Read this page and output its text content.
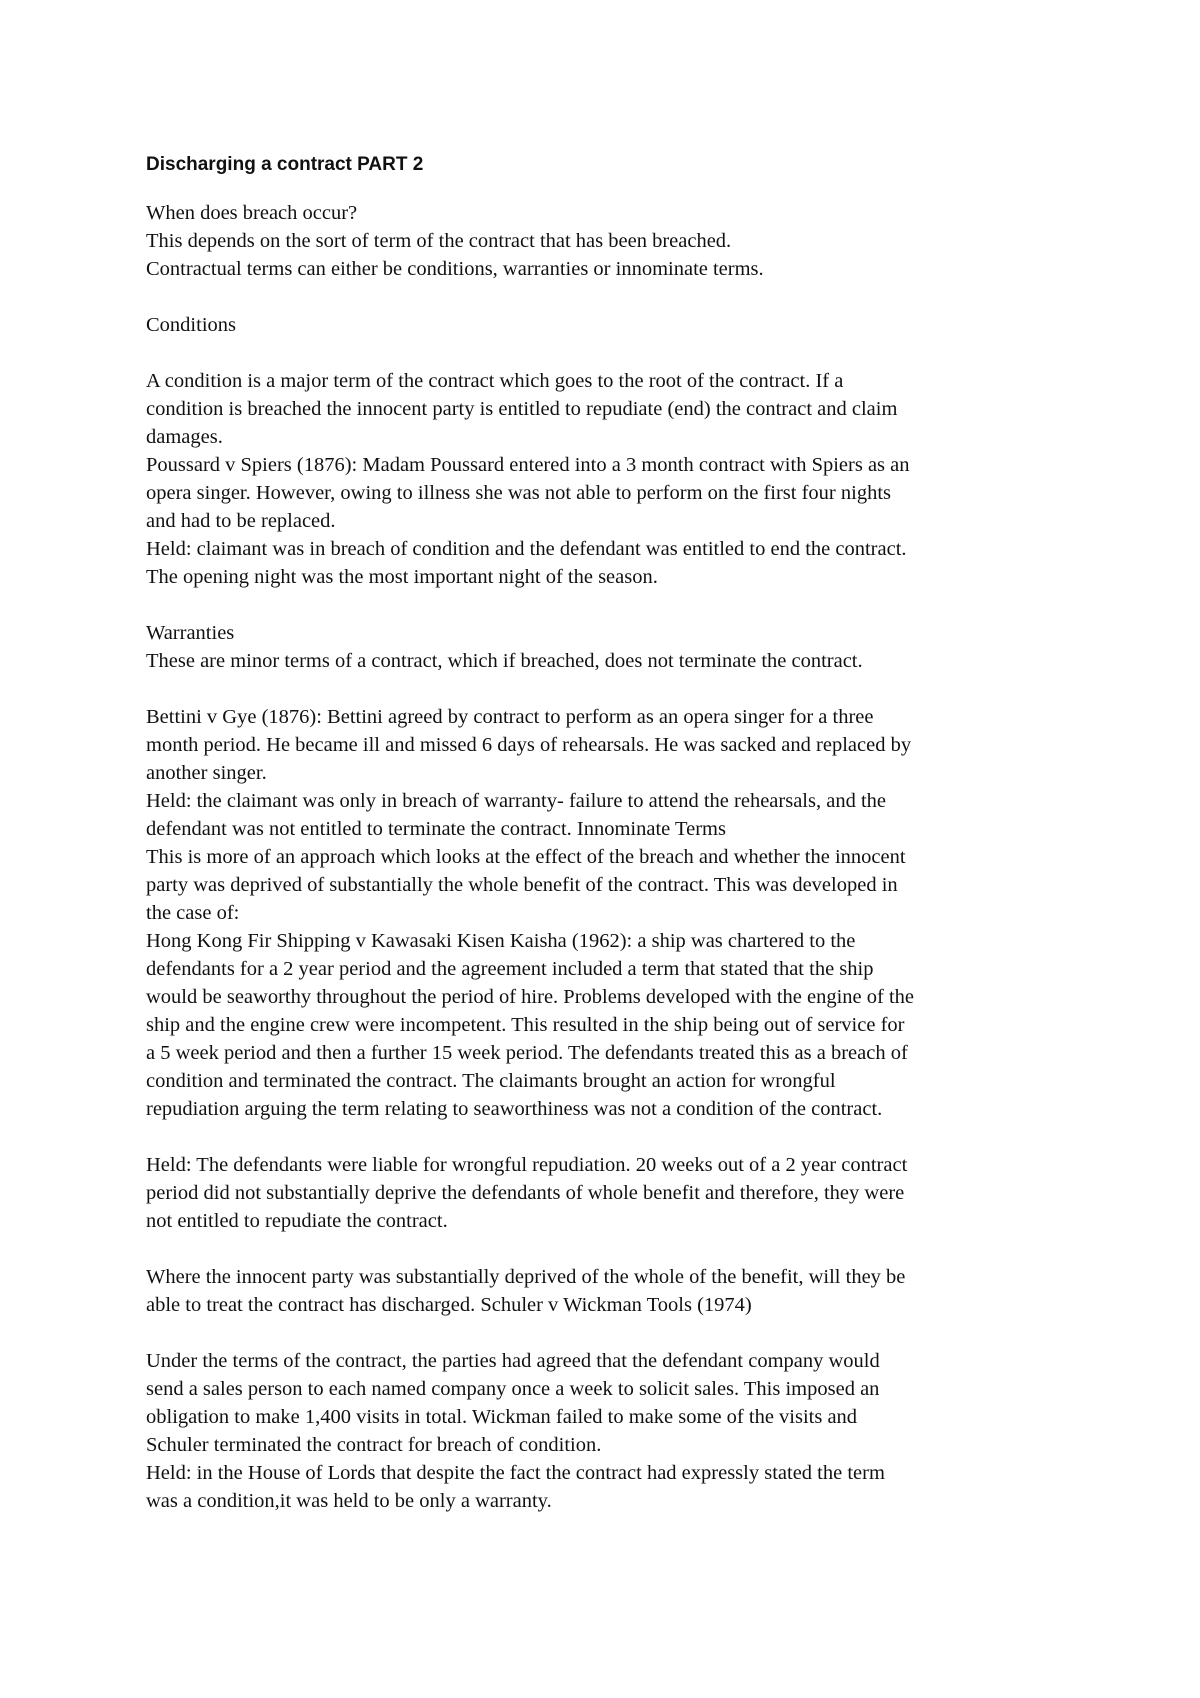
Discharging a contract PART 2
When does breach occur?
This depends on the sort of term of the contract that has been breached.
Contractual terms can either be conditions, warranties or innominate terms.
Conditions
A condition is a major term of the contract which goes to the root of the contract. If a
condition is breached the innocent party is entitled to repudiate (end) the contract and claim
damages.
Poussard v Spiers (1876): Madam Poussard entered into a 3 month contract with Spiers as an
opera singer. However, owing to illness she was not able to perform on the first four nights
and had to be replaced.
Held: claimant was in breach of condition and the defendant was entitled to end the contract.
The opening night was the most important night of the season.
Warranties
These are minor terms of a contract, which if breached, does not terminate the contract.
Bettini v Gye (1876): Bettini agreed by contract to perform as an opera singer for a three
month period. He became ill and missed 6 days of rehearsals. He was sacked and replaced by
another singer.
Held: the claimant was only in breach of warranty- failure to attend the rehearsals, and the
defendant was not entitled to terminate the contract. Innominate Terms
This is more of an approach which looks at the effect of the breach and whether the innocent
party was deprived of substantially the whole benefit of the contract. This was developed in
the case of:
Hong Kong Fir Shipping v Kawasaki Kisen Kaisha (1962): a ship was chartered to the
defendants for a 2 year period and the agreement included a term that stated that the ship
would be seaworthy throughout the period of hire. Problems developed with the engine of the
ship and the engine crew were incompetent. This resulted in the ship being out of service for
a 5 week period and then a further 15 week period. The defendants treated this as a breach of
condition and terminated the contract. The claimants brought an action for wrongful
repudiation arguing the term relating to seaworthiness was not a condition of the contract.
Held: The defendants were liable for wrongful repudiation. 20 weeks out of a 2 year contract
period did not substantially deprive the defendants of whole benefit and therefore, they were
not entitled to repudiate the contract.
Where the innocent party was substantially deprived of the whole of the benefit, will they be
able to treat the contract has discharged. Schuler v Wickman Tools (1974)
Under the terms of the contract, the parties had agreed that the defendant company would
send a sales person to each named company once a week to solicit sales. This imposed an
obligation to make 1,400 visits in total. Wickman failed to make some of the visits and
Schuler terminated the contract for breach of condition.
Held: in the House of Lords that despite the fact the contract had expressly stated the term
was a condition,it was held to be only a warranty.
